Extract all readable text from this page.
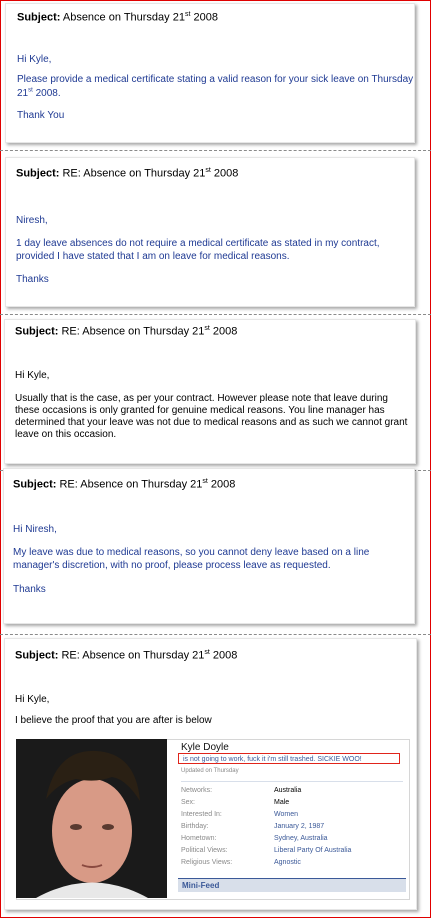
Subject: Absence on Thursday 21st 2008
Hi Kyle,
Please provide a medical certificate stating a valid reason for your sick leave on Thursday
21st 2008.
Thank You
Subject: RE: Absence on Thursday 21st 2008
Niresh,
1 day leave absences do not require a medical certificate as stated in my contract,
provided I have stated that I am on leave for medical reasons.
Thanks
Subject: RE: Absence on Thursday 21st 2008
Hi Kyle,
Usually that is the case, as per your contract. However please note that leave during
these occasions is only granted for genuine medical reasons. You line manager has
determined that your leave was not due to medical reasons and as such we cannot grant
leave on this occasion.
Subject: RE: Absence on Thursday 21st 2008
Hi Niresh,
My leave was due to medical reasons, so you cannot deny leave based on a line
manager's discretion, with no proof, please process leave as requested.
Thanks
Subject: RE: Absence on Thursday 21st 2008
Hi Kyle,
I believe the proof that you are after is below
Kyle Doyle
is not going to work, fuck it i'm still trashed. SICKIE WOO!
Updated on Thursday
Networks:	Australia
Sex:	Male
Interested In:	Women
Birthday:	January 2, 1987
Hometown:	Sydney, Australia
Political Views:	Liberal Party Of Australia
Religious Views:	Agnostic
Mini-Feed
